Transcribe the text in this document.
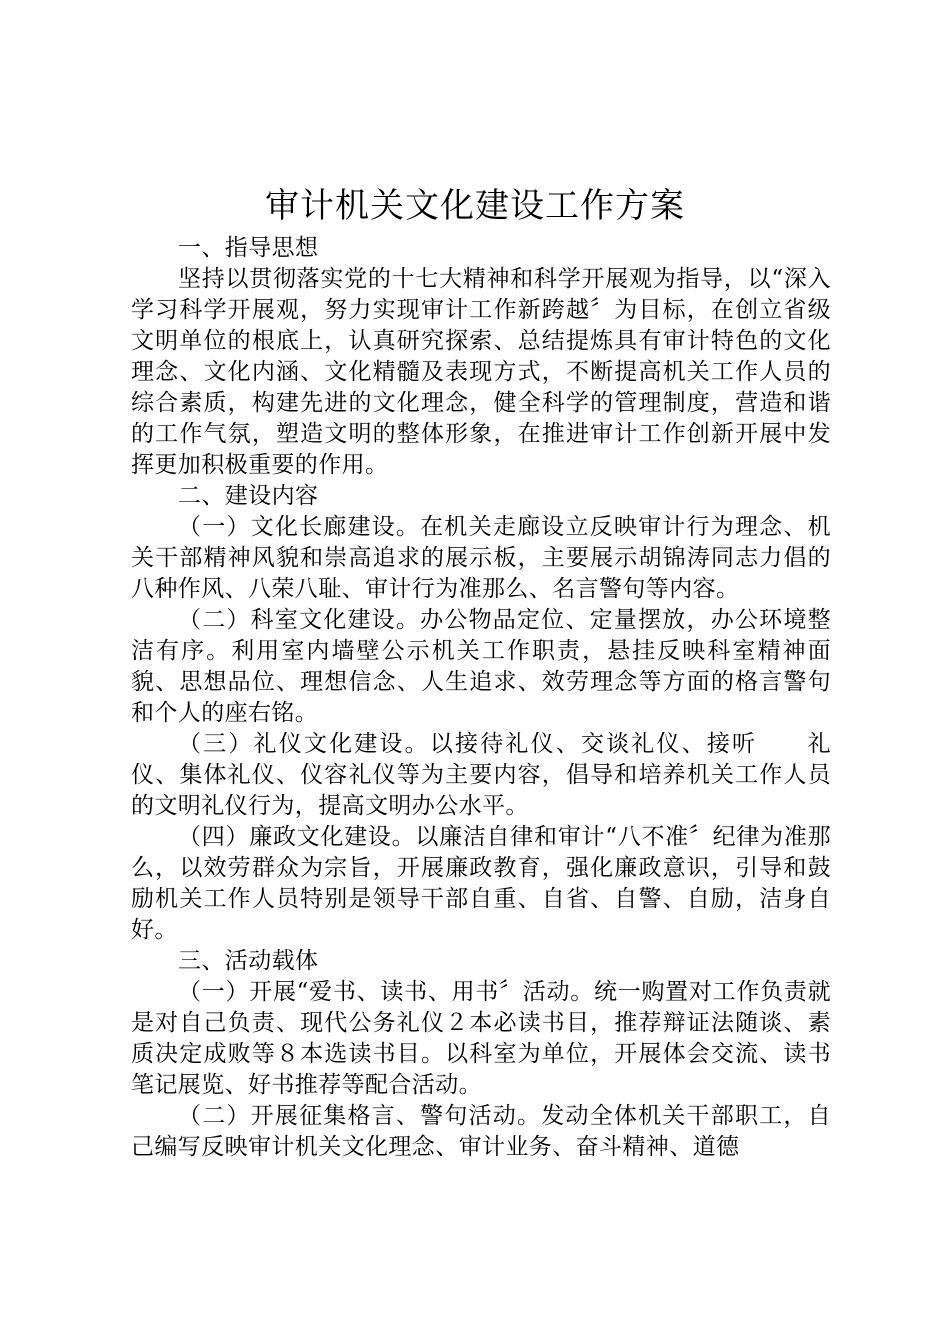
审计机关文化建设工作方案

一、指导思想

坚持以贯彻落实党的十七大精神和科学开展观为指导，以“深入学习科学开展观，努力实现审计工作新跨越〞为目标，在创立省级文明单位的根底上，认真研究探索、总结提炼具有审计特色的文化理念、文化内涵、文化精髓及表现方式，不断提高机关工作人员的综合素质，构建先进的文化理念，健全科学的管理制度，营造和谐的工作气氛，塑造文明的整体形象，在推进审计工作创新开展中发挥更加积极重要的作用。

二、建设内容

（一）文化长廊建设。在机关走廊设立反映审计行为理念、机关干部精神风貌和崇高追求的展示板，主要展示胡锦涛同志力倡的八种作风、八荣八耻、审计行为准那么、名言警句等内容。

（二）科室文化建设。办公物品定位、定量摆放，办公环境整洁有序。利用室内墙壁公示机关工作职责，悬挂反映科室精神面貌、思想品位、理想信念、人生追求、效劳理念等方面的格言警句和个人的座右铭。

（三）礼仪文化建设。以接待礼仪、交谈礼仪、接听　　礼仪、集体礼仪、仪容礼仪等为主要内容，倡导和培养机关工作人员的文明礼仪行为，提高文明办公水平。

（四）廉政文化建设。以廉洁自律和审计“八不准〞纪律为准那么，以效劳群众为宗旨，开展廉政教育，强化廉政意识，引导和鼓励机关工作人员特别是领导干部自重、自省、自警、自励，洁身自好。

三、活动载体

（一）开展“爱书、读书、用书〞活动。统一购置对工作负责就是对自己负责、现代公务礼仪２本必读书目，推荐辩证法随谈、素质决定成败等８本选读书目。以科室为单位，开展体会交流、读书笔记展览、好书推荐等配合活动。

（二）开展征集格言、警句活动。发动全体机关干部职工，自己编写反映审计机关文化理念、审计业务、奋斗精神、道德
